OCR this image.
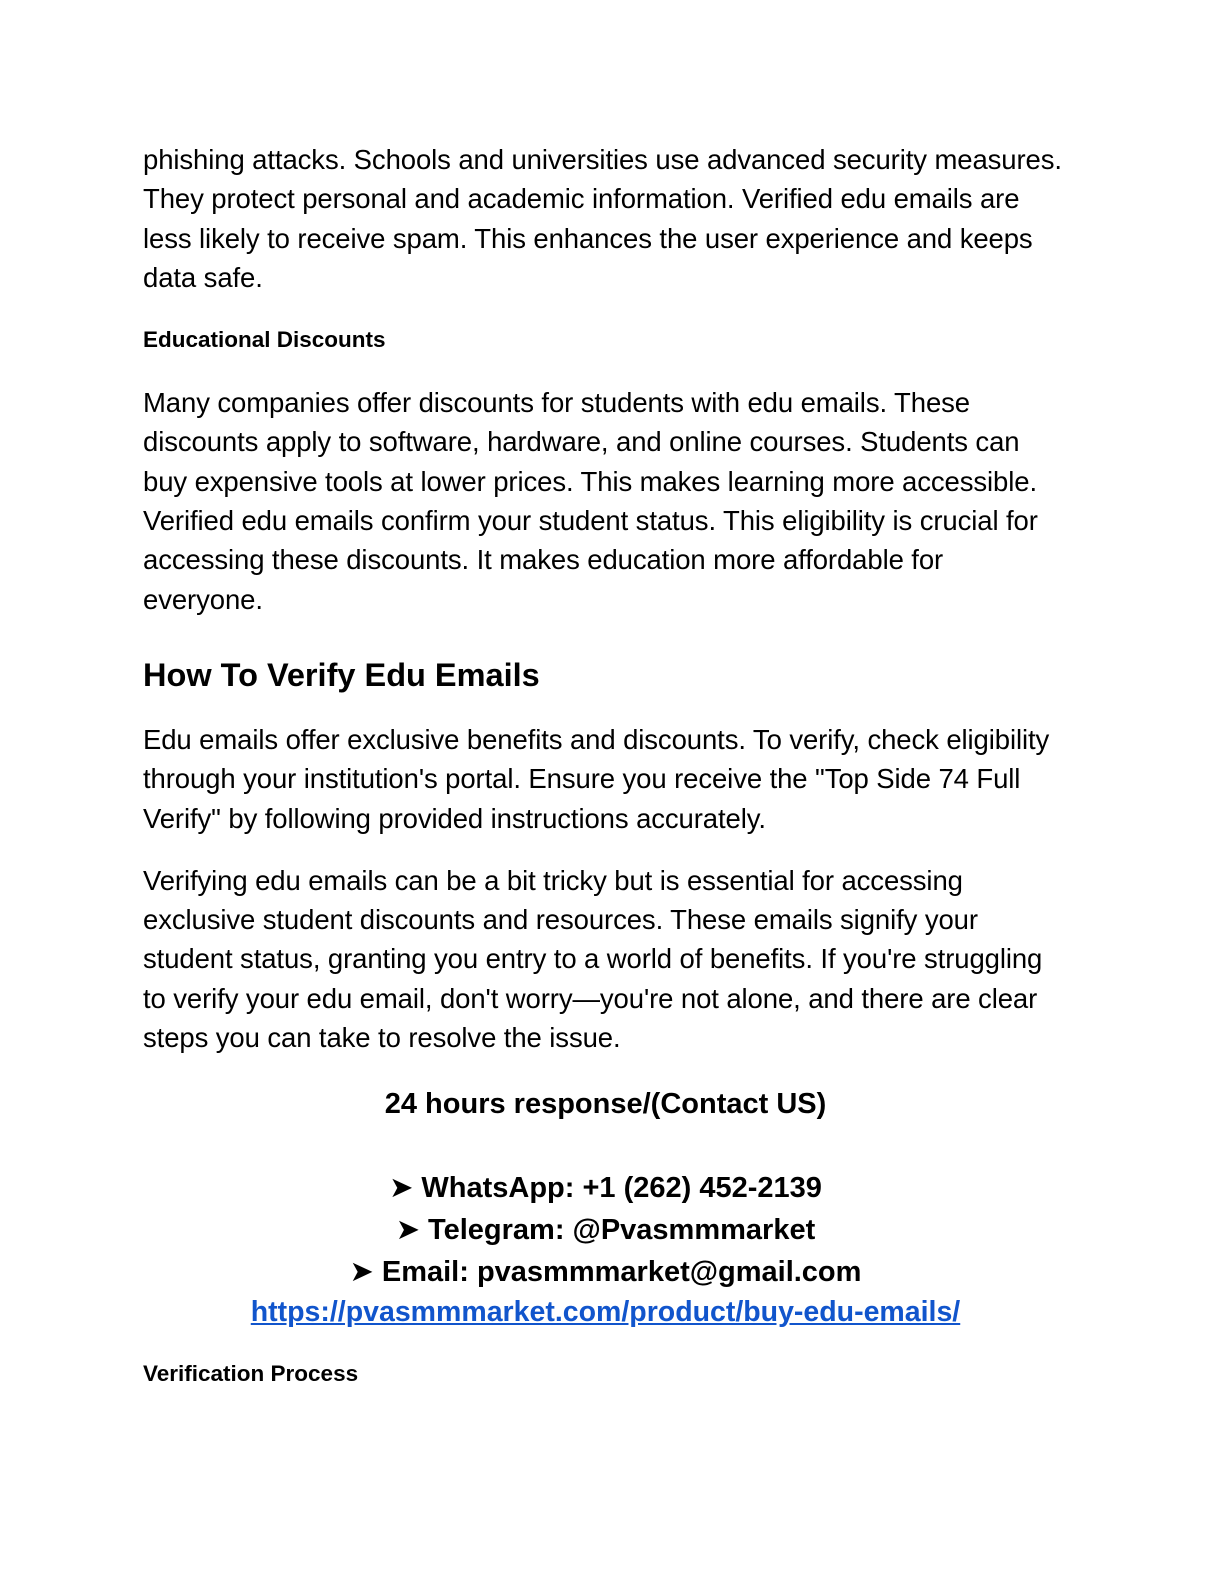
phishing attacks. Schools and universities use advanced security measures. They protect personal and academic information. Verified edu emails are less likely to receive spam. This enhances the user experience and keeps data safe.

Educational Discounts

Many companies offer discounts for students with edu emails. These discounts apply to software, hardware, and online courses. Students can buy expensive tools at lower prices. This makes learning more accessible. Verified edu emails confirm your student status. This eligibility is crucial for accessing these discounts. It makes education more affordable for everyone.

How To Verify Edu Emails

Edu emails offer exclusive benefits and discounts. To verify, check eligibility through your institution's portal. Ensure you receive the "Top Side 74 Full Verify" by following provided instructions accurately.

Verifying edu emails can be a bit tricky but is essential for accessing exclusive student discounts and resources. These emails signify your student status, granting you entry to a world of benefits. If you're struggling to verify your edu email, don't worry—you're not alone, and there are clear steps you can take to resolve the issue.

24 hours response/(Contact US)

➤ WhatsApp: +1 (262) 452-2139

➤ Telegram: @Pvasmmmarket

➤ Email: pvasmmmarket@gmail.com

https://pvasmmmarket.com/product/buy-edu-emails/

Verification Process
